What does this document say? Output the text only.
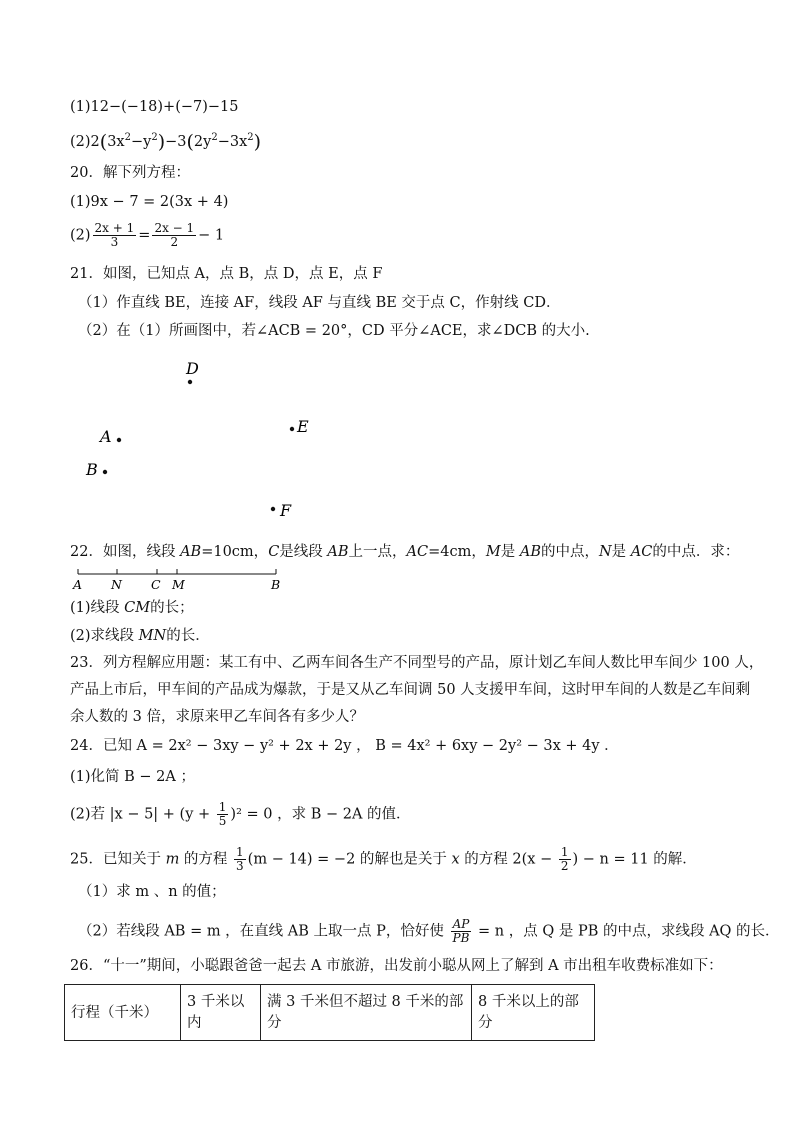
(1)12−(−18)+(−7)−15
$(2)2(3x^2-y^2)-3(2y^2-3x^2)$
20．解下列方程：
(1)9x − 7 = 2(3x + 4)
$(2) \frac{2x + 1}{3} = \frac{2x - 1}{2} - 1$
21．如图，已知点 A，点 B，点 D，点 E，点 F
（1）作直线 BE，连接 AF，线段 AF 与直线 BE 交于点 C，作射线 CD．
（2）在（1）所画图中，若∠ACB = 20°，CD 平分∠ACE，求∠DCB 的大小.
D
A
E
B
F
22．如图，线段 AB=10cm，C是线段 AB上一点，AC=4cm，M是 AB的中点，N是 AC的中点．求：
A N C M	B
(1)线段 CM的长；
(2)求线段 MN的长．
23．列方程解应用题：某工有中、乙两车间各生产不同型号的产品，原计划乙车间人数比甲车间少 100 人，
产品上市后，甲车间的产品成为爆款，于是又从乙车间调 50 人支援甲车间，这时甲车间的人数是乙车间剩
余人数的 3 倍，求原来甲乙车间各有多少人？
24．已知 A = 2x² − 3xy − y² + 2x + 2y ， B = 4x² + 6xy − 2y² − 3x + 4y ．
(1)化简 B − 2A ；
(2)若 $|x - 5| + (y + \frac{1}{5} )^2 = 0$ ，求 B − 2A 的值．
25．已知关于 m 的方程 $\frac{1}{3} (m - 14) = -2$ 的解也是关于 x 的方程 $2(x - \frac{1}{2}$ ) − n = 11 的解．
（1）求 m 、n 的值；
（2）若线段 AB = m ，在直线 AB 上取一点 P，恰好使 $\frac{AP}{PB} = n$ ，点 Q 是 PB 的中点，求线段 AQ 的长．
26．“十一”期间，小聪跟爸爸一起去 A 市旅游，出发前小聪从网上了解到 A 市出租车收费标准如下：
行程（千米）	3 千米以内	满 3 千米但不超过 8 千米的部分	8 千米以上的部分
